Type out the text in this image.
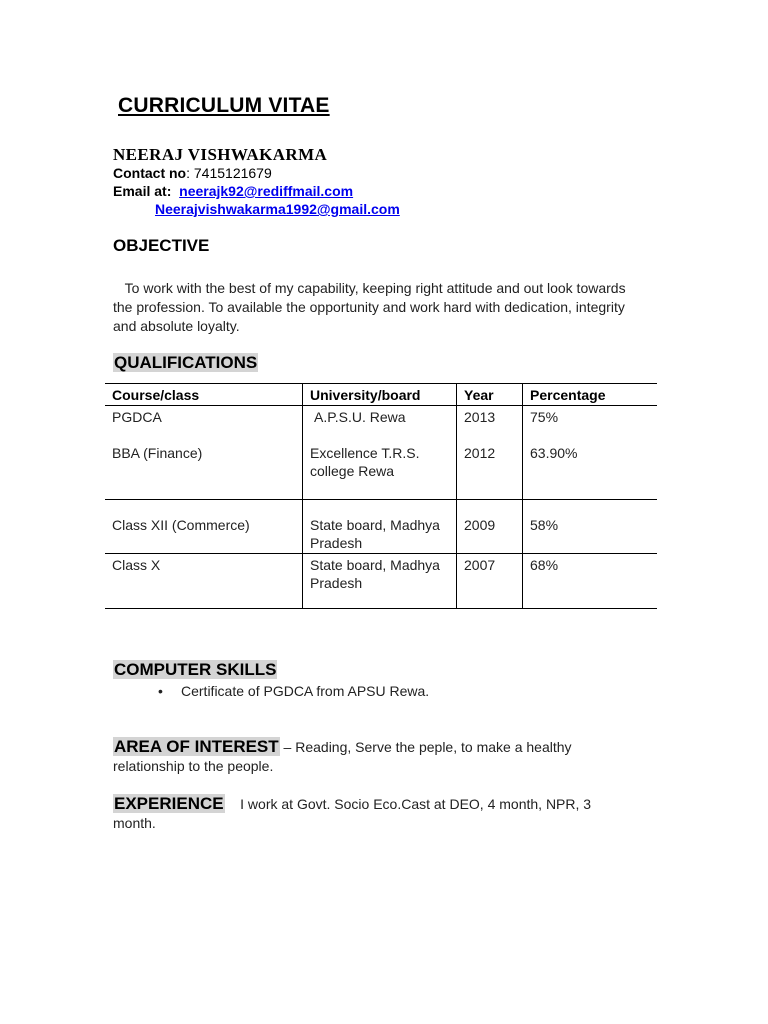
CURRICULUM VITAE
NEERAJ VISHWAKARMA
Contact no: 7415121679
Email at: neerajk92@rediffmail.com
Neerajvishwakarma1992@gmail.com
OBJECTIVE
To work with the best of my capability, keeping right attitude and out look towards the profession. To available the opportunity and work hard with dedication, integrity and absolute loyalty.
QUALIFICATIONS
Course/class	University/board	Year	Percentage
PGDCA	A.P.S.U. Rewa	2013	75%
BBA (Finance)	Excellence T.R.S. college Rewa	2012	63.90%
Class XII (Commerce)	State board, Madhya Pradesh	2009	58%
Class X	State board, Madhya Pradesh	2007	68%
COMPUTER SKILLS
• Certificate of PGDCA from APSU Rewa.
AREA OF INTEREST – Reading, Serve the peple, to make a healthy relationship to the people.
EXPERIENCE I work at Govt. Socio Eco.Cast at DEO, 4 month, NPR, 3 month.
